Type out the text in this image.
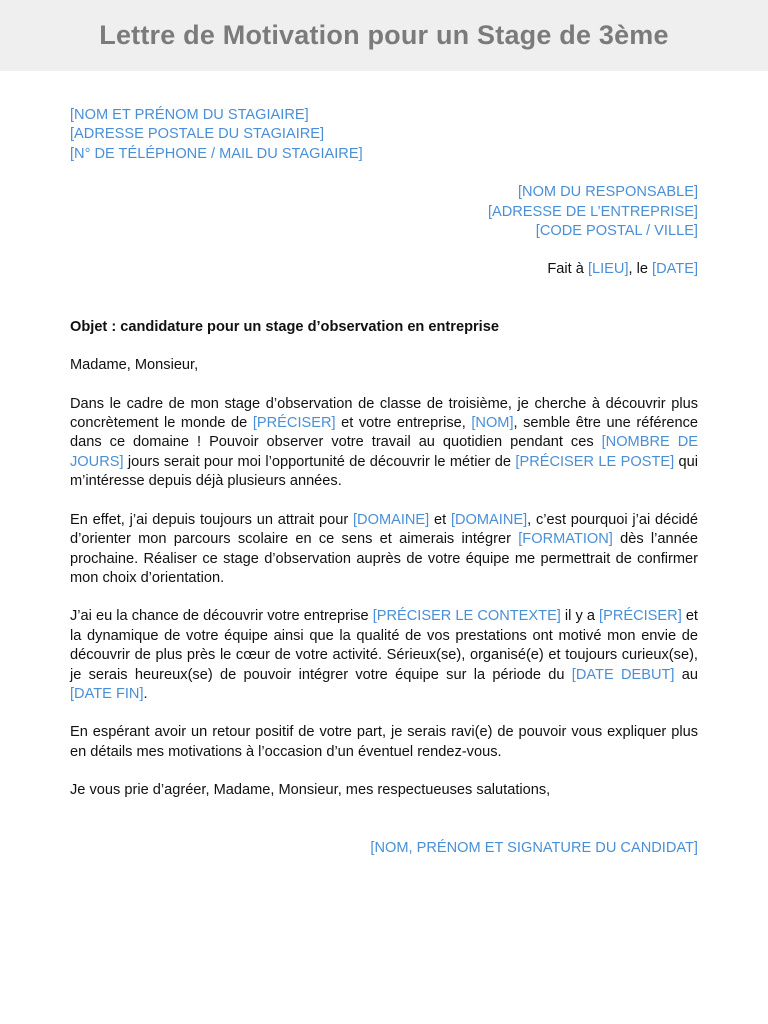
Lettre de Motivation pour un Stage de 3ème
[NOM ET PRÉNOM DU STAGIAIRE]
[ADRESSE POSTALE DU STAGIAIRE]
[N° DE TÉLÉPHONE / MAIL DU STAGIAIRE]
[NOM DU RESPONSABLE]
[ADRESSE DE L’ENTREPRISE]
[CODE POSTAL / VILLE]
Fait à [LIEU], le [DATE]
Objet : candidature pour un stage d’observation en entreprise
Madame, Monsieur,

Dans le cadre de mon stage d’observation de classe de troisième, je cherche à découvrir plus concrètement le monde de [PRÉCISER] et votre entreprise, [NOM], semble être une référence dans ce domaine ! Pouvoir observer votre travail au quotidien pendant ces [NOMBRE DE JOURS] jours serait pour moi l’opportunité de découvrir le métier de [PRÉCISER LE POSTE] qui m’intéresse depuis déjà plusieurs années.

En effet, j’ai depuis toujours un attrait pour [DOMAINE] et [DOMAINE], c’est pourquoi j’ai décidé d’orienter mon parcours scolaire en ce sens et aimerais intégrer [FORMATION] dès l’année prochaine. Réaliser ce stage d’observation auprès de votre équipe me permettrait de confirmer mon choix d’orientation.

J’ai eu la chance de découvrir votre entreprise [PRÉCISER LE CONTEXTE] il y a [PRÉCISER] et la dynamique de votre équipe ainsi que la qualité de vos prestations ont motivé mon envie de découvrir de plus près le cœur de votre activité. Sérieux(se), organisé(e) et toujours curieux(se), je serais heureux(se) de pouvoir intégrer votre équipe sur la période du [DATE DEBUT] au [DATE FIN].

En espérant avoir un retour positif de votre part, je serais ravi(e) de pouvoir vous expliquer plus en détails mes motivations à l’occasion d’un éventuel rendez-vous.

Je vous prie d’agréer, Madame, Monsieur, mes respectueuses salutations,
[NOM, PRÉNOM ET SIGNATURE DU CANDIDAT]
